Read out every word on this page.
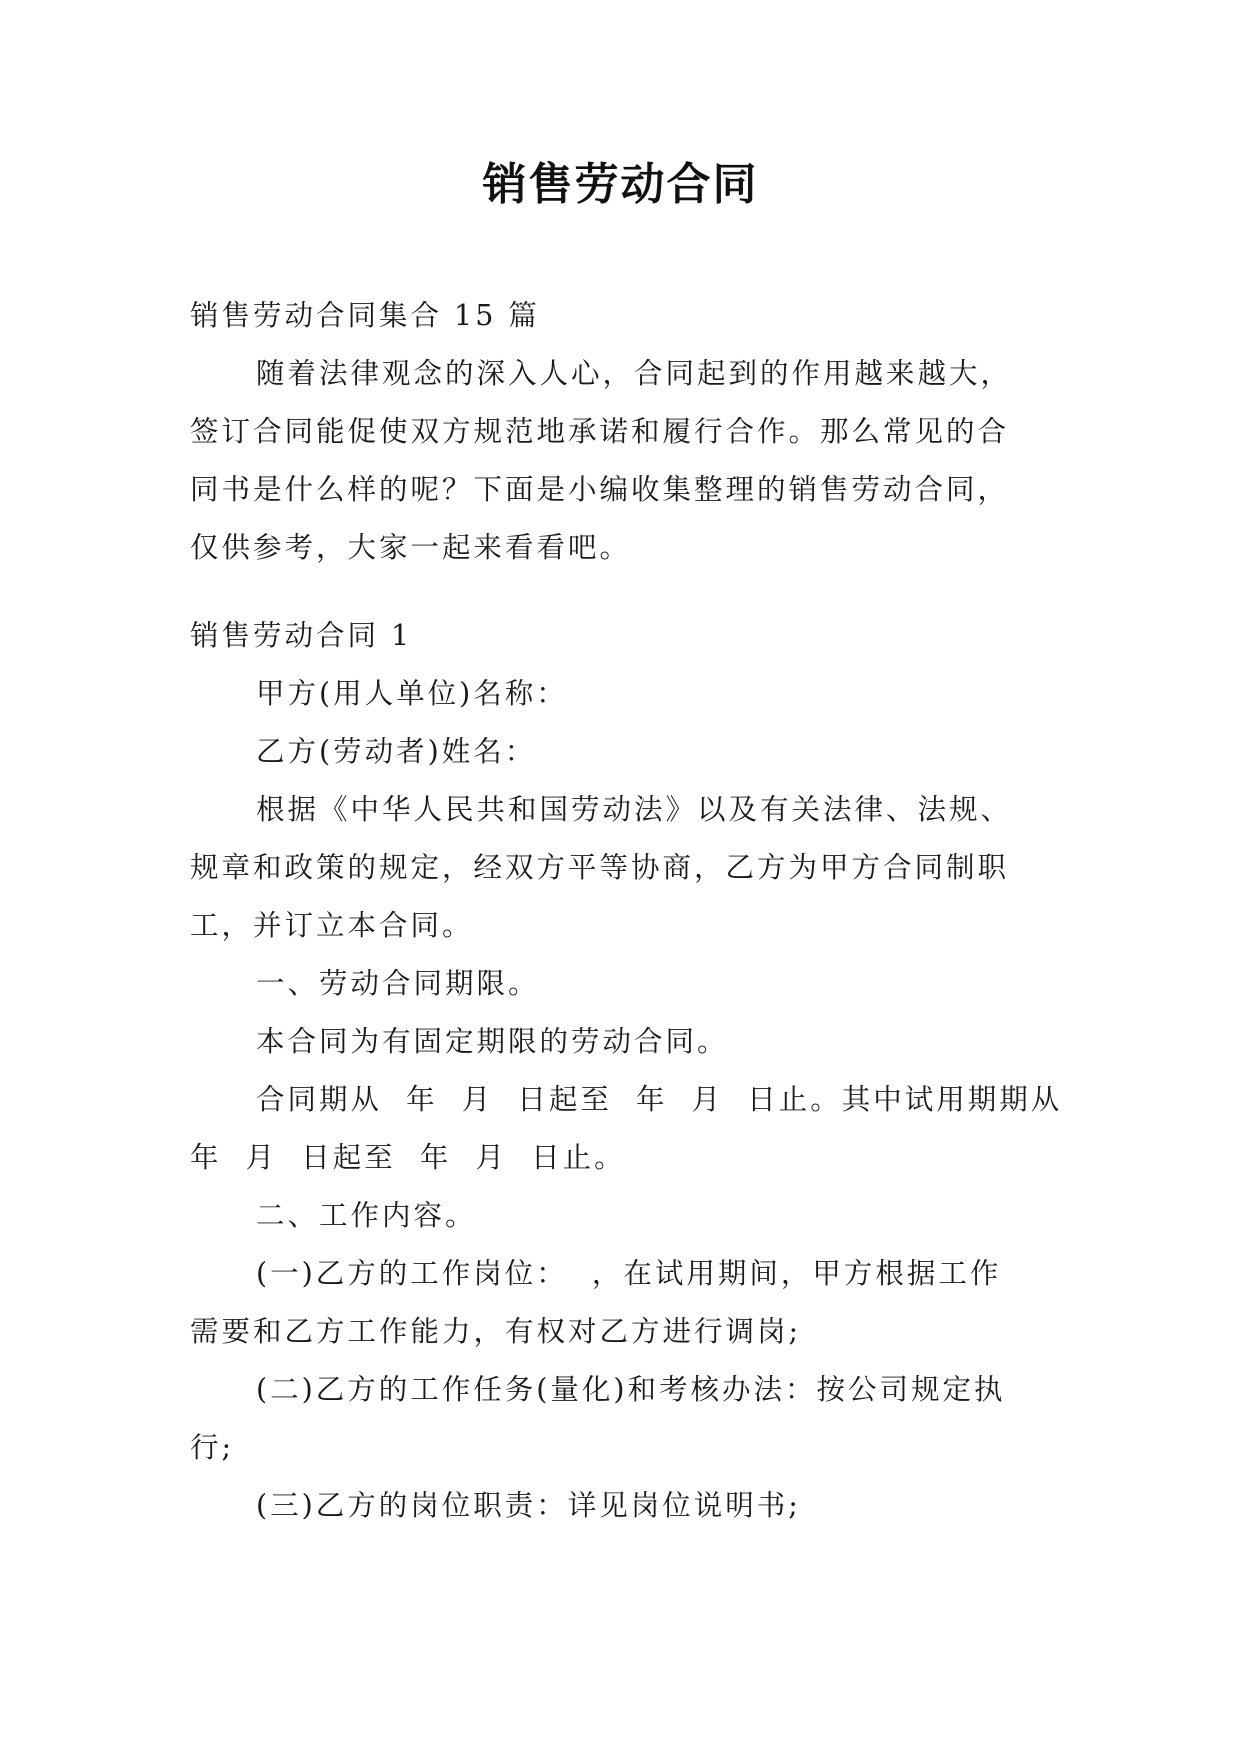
销售劳动合同
销售劳动合同集合 15 篇
随着法律观念的深入人心，合同起到的作用越来越大，
签订合同能促使双方规范地承诺和履行合作。那么常见的合
同书是什么样的呢？下面是小编收集整理的销售劳动合同，
仅供参考，大家一起来看看吧。
销售劳动合同 1
甲方(用人单位)名称：
乙方(劳动者)姓名：
根据《中华人民共和国劳动法》以及有关法律、法规、
规章和政策的规定，经双方平等协商，乙方为甲方合同制职
工，并订立本合同。
一、劳动合同期限。
本合同为有固定期限的劳动合同。
合同期从  年  月  日起至  年  月  日止。其中试用期期从
年  月  日起至  年  月  日止。
二、工作内容。
(一)乙方的工作岗位：  ，在试用期间，甲方根据工作
需要和乙方工作能力，有权对乙方进行调岗;
(二)乙方的工作任务(量化)和考核办法：按公司规定执
行;
(三)乙方的岗位职责：详见岗位说明书;
